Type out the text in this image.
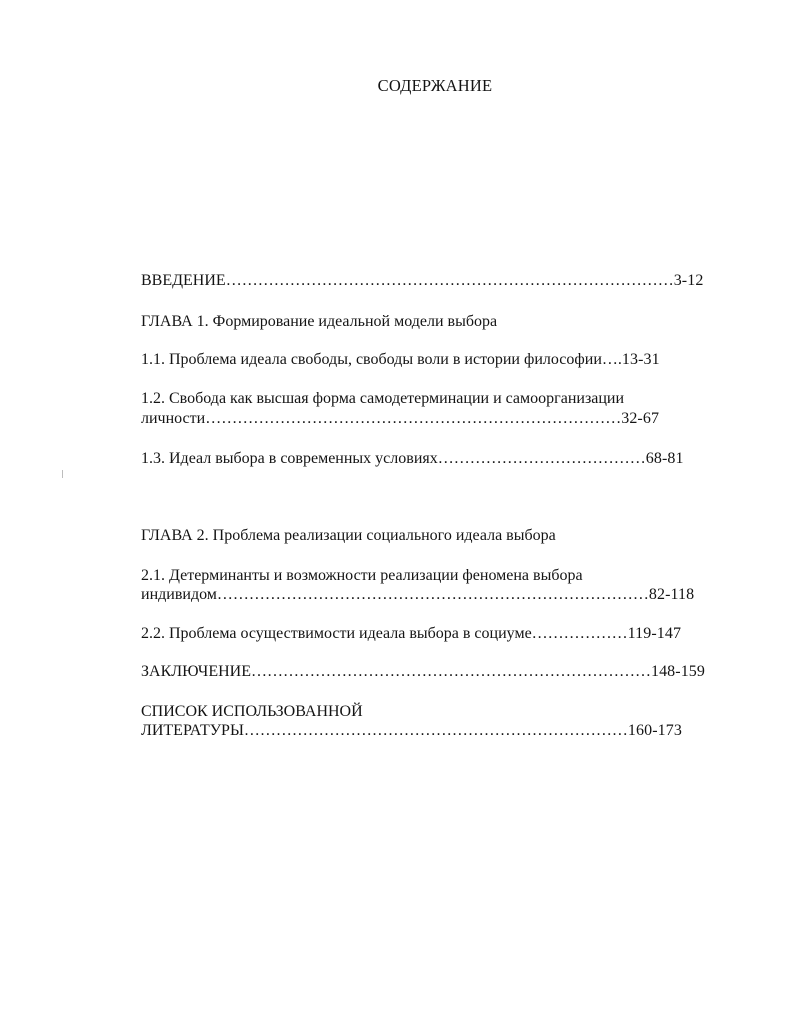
СОДЕРЖАНИЕ
ВВЕДЕНИЕ…………………………………………………………………………3-12
ГЛАВА 1. Формирование идеальной модели выбора
1.1. Проблема идеала свободы, свободы воли в истории философии….13-31
1.2. Свобода как высшая форма самодетерминации и самоорганизации
личности……………………………………………………………………32-67
1.3. Идеал выбора в современных условиях…………………………………68-81
ГЛАВА 2. Проблема реализации социального идеала выбора
2.1. Детерминанты и возможности реализации феномена выбора
индивидом………………………………………………………………………82-118
2.2. Проблема осуществимости идеала выбора в социуме………………119-147
ЗАКЛЮЧЕНИЕ…………………………………………………………………148-159
СПИСОК ИСПОЛЬЗОВАННОЙ
ЛИТЕРАТУРЫ………………………………………………………………160-173
